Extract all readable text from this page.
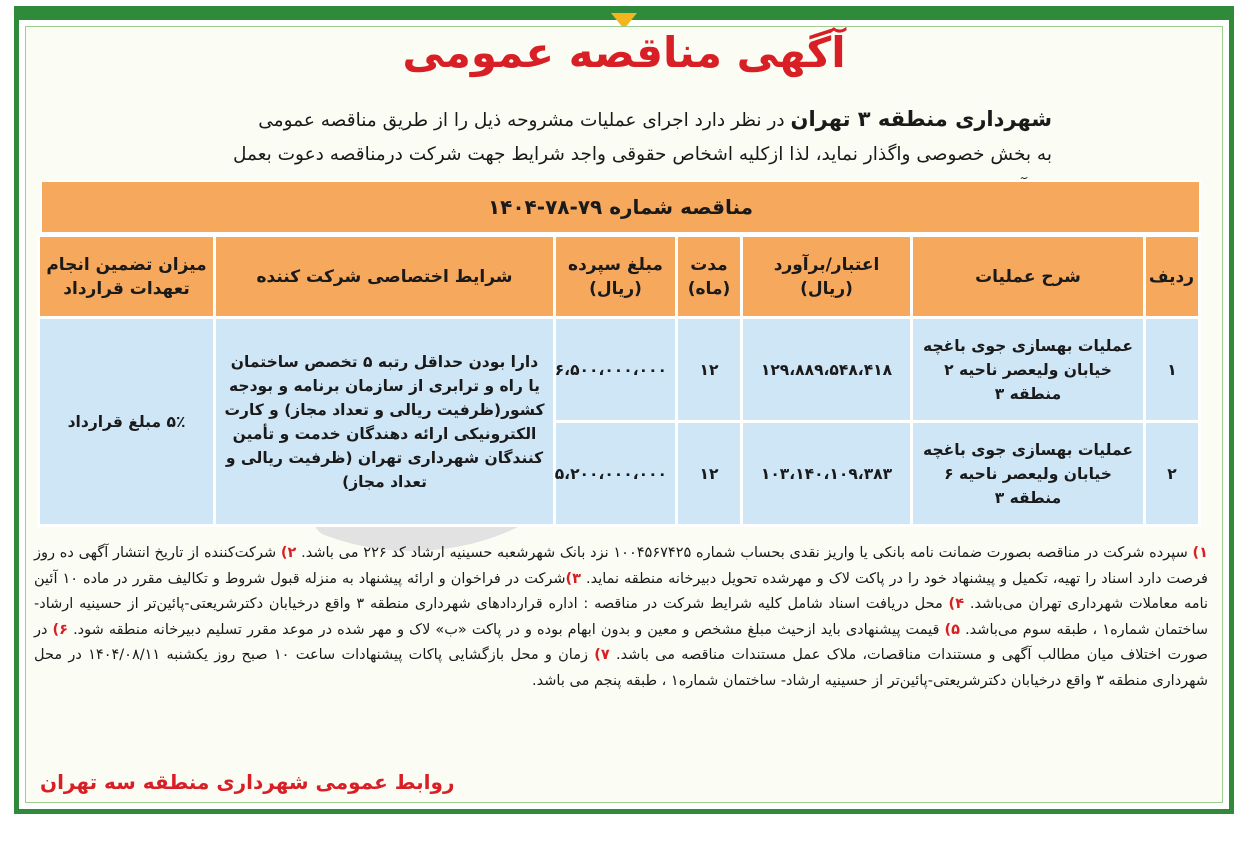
آگهی مناقصه عمومی
شهرداری منطقه ۳ تهران در نظر دارد اجرای عملیات مشروحه ذیل را از طریق مناقصه عمومی
به بخش خصوصی واگذار نماید، لذا ازکلیه اشخاص حقوقی واجد شرایط جهت شرکت درمناقصه دعوت بعمل
مناقصه شماره ۷۹-۷۸-۱۴۰۴
ردیف	شرح عملیات	اعتبار/برآورد (ریال)	مدت (ماه)	مبلغ سپرده (ریال)	شرایط اختصاصی شرکت کننده	میزان تضمین انجام تعهدات قرارداد
۱	عملیات بهسازی جوی باغچه خیابان ولیعصر ناحیه ۲ منطقه ۳	۱۲۹،۸۸۹،۵۴۸،۴۱۸	۱۲	۶،۵۰۰،۰۰۰،۰۰۰	دارا بودن حداقل رتبه ۵ تخصص ساختمان یا راه و ترابری از سازمان برنامه و بودجه کشور(ظرفیت ریالی و تعداد مجاز) و کارت الکترونیکی ارائه دهندگان خدمت و تأمین کنندگان شهرداری تهران (ظرفیت ریالی و تعداد مجاز)	۵٪ مبلغ قرارداد
۲	عملیات بهسازی جوی باغچه خیابان ولیعصر ناحیه ۶ منطقه ۳	۱۰۳،۱۴۰،۱۰۹،۳۸۳	۱۲	۵،۲۰۰،۰۰۰،۰۰۰		
۱) سپرده شرکت در مناقصه بصورت ضمانت نامه بانکی یا واریز نقدی بحساب شماره ۱۰۰۴۵۶۷۴۲۵ نزد بانک شهرشعبه حسینیه ارشاد کد ۲۲۶ می باشد. ۲) شرکت‌کننده از تاریخ انتشار آگهی ده روز فرصت دارد اسناد را تهیه، تکمیل و پیشنهاد خود را در پاکت لاک و مهرشده تحویل دبیرخانه منطقه نماید. ۳)شرکت در فراخوان و ارائه پیشنهاد به منزله قبول شروط و تکالیف مقرر در ماده ۱۰ آئین نامه معاملات شهرداری تهران می‌باشد. ۴) محل دریافت اسناد شامل کلیه شرایط شرکت در مناقصه : اداره قراردادهای شهرداری منطقه ۳ واقع درخیابان دکترشریعتی-پائین‌تر از حسینیه ارشاد- ساختمان شماره۱ ، طبقه سوم می‌باشد. ۵) قیمت پیشنهادی باید ازحیث مبلغ مشخص و معین و بدون ابهام بوده و در پاکت «ب» لاک و مهر شده در موعد مقرر تسلیم دبیرخانه منطقه شود. ۶) در صورت اختلاف میان مطالب آگهی و مستندات مناقصات، ملاک عمل مستندات مناقصه می باشد. ۷) زمان و محل بازگشایی پاکات پیشنهادات ساعت ۱۰ صبح روز یکشنبه ۱۴۰۴/۰۸/۱۱ در محل شهرداری منطقه ۳ واقع درخیابان دکترشریعتی-پائین‌تر از حسینیه ارشاد- ساختمان شماره۱ ، طبقه پنجم می باشد.
روابط عمومی شهرداری منطقه سه تهران
